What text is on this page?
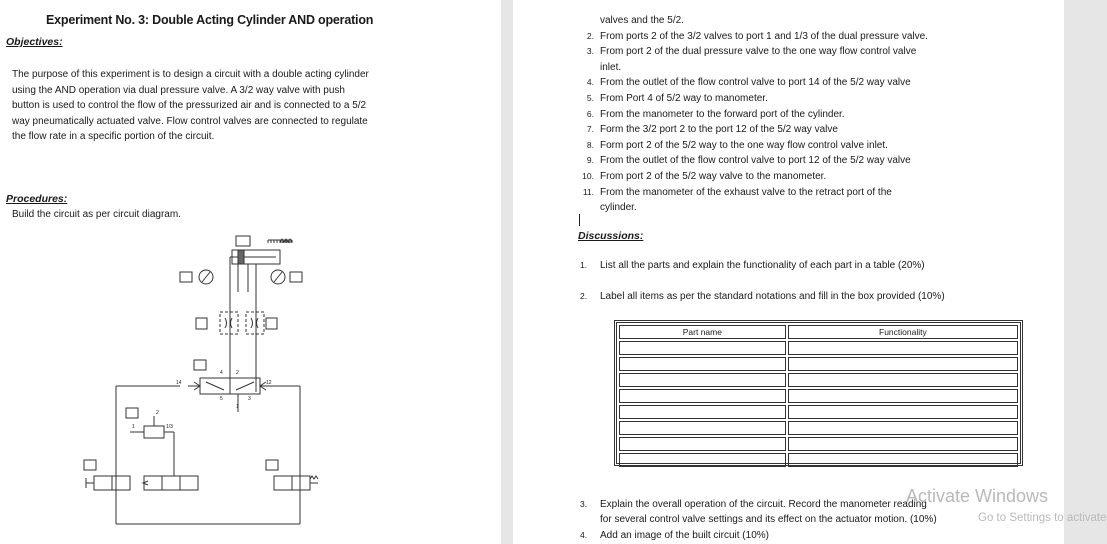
Experiment No. 3: Double Acting Cylinder AND operation
Objectives:
The purpose of this experiment is to design a circuit with a double acting cylinder
using the AND operation via dual pressure valve. A 3/2 way valve with push
button is used to control the flow of the pressurized air and is connected to a 5/2
way pneumatically actuated valve. Flow control valves are connected to regulate
the flow rate in a specific portion of the circuit.
Procedures:
Build the circuit as per circuit diagram.
14	12
4	2
5	3
1
1	1/3
2
valves and the 5/2.
2. From ports 2 of the 3/2 valves to port 1 and 1/3 of the dual pressure valve.
3. From port 2 of the dual pressure valve to the one way flow control valve
inlet.
4. From the outlet of the flow control valve to port 14 of the 5/2 way valve
5. From Port 4 of 5/2 way to manometer.
6. From the manometer to the forward port of the cylinder.
7. Form the 3/2 port 2 to the port 12 of the 5/2 way valve
8. Form port 2 of the 5/2 way to the one way flow control valve inlet.
9. From the outlet of the flow control valve to port 12 of the 5/2 way valve
10. From port 2 of the 5/2 way valve to the manometer.
11. From the manometer of the exhaust valve to the retract port of the
cylinder.
Discussions:
1. List all the parts and explain the functionality of each part in a table (20%)
2. Label all items as per the standard notations and fill in the box provided (10%)
Part name	Functionality

3. Explain the overall operation of the circuit. Record the manometer reading
for several control valve settings and its effect on the actuator motion. (10%)
4. Add an image of the built circuit (10%)
Activate Windows
Go to Settings to activate
